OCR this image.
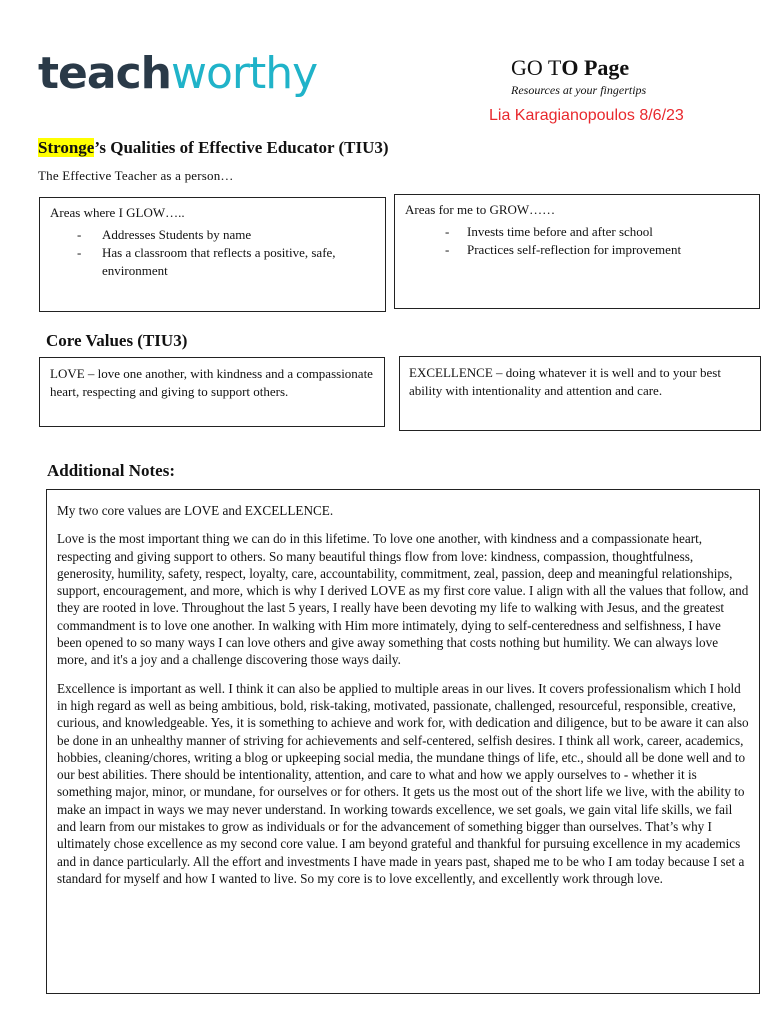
teachworthy	GO TO Page
Resources at your fingertips
Lia Karagianopoulos 8/6/23
Stronge’s Qualities of Effective Educator (TIU3)
The Effective Teacher as a person…

Areas where I GLOW…..

- Addresses Students by name
- Has a classroom that reflects a positive, safe, environment

Areas for me to GROW……

- Invests time before and after school
- Practices self-reflection for improvement
Core Values (TIU3)
LOVE – love one another, with kindness and a compassionate heart, respecting and giving to support others.
EXCELLENCE – doing whatever it is well and to your best ability with intentionality and attention and care.
Additional Notes:

My two core values are LOVE and EXCELLENCE.

Love is the most important thing we can do in this lifetime. To love one another, with kindness and a compassionate heart, respecting and giving support to others. So many beautiful things flow from love: kindness, compassion, thoughtfulness, generosity, humility, safety, respect, loyalty, care, accountability, commitment, zeal, passion, deep and meaningful relationships, support, encouragement, and more, which is why I derived LOVE as my first core value. I align with all the values that follow, and they are rooted in love. Throughout the last 5 years, I really have been devoting my life to walking with Jesus, and the greatest commandment is to love one another. In walking with Him more intimately, dying to self-centeredness and selfishness, I have been opened to so many ways I can love others and give away something that costs nothing but humility. We can always love more, and it's a joy and a challenge discovering those ways daily.

Excellence is important as well. I think it can also be applied to multiple areas in our lives. It covers professionalism which I hold in high regard as well as being ambitious, bold, risk-taking, motivated, passionate, challenged, resourceful, responsible, creative, curious, and knowledgeable. Yes, it is something to achieve and work for, with dedication and diligence, but to be aware it can also be done in an unhealthy manner of striving for achievements and self-centered, selfish desires. I think all work, career, academics, hobbies, cleaning/chores, writing a blog or upkeeping social media, the mundane things of life, etc., should all be done well and to our best abilities. There should be intentionality, attention, and care to what and how we apply ourselves to - whether it is something major, minor, or mundane, for ourselves or for others. It gets us the most out of the short life we live, with the ability to make an impact in ways we may never understand. In working towards excellence, we set goals, we gain vital life skills, we fail and learn from our mistakes to grow as individuals or for the advancement of something bigger than ourselves. That’s why I ultimately chose excellence as my second core value. I am beyond grateful and thankful for pursuing excellence in my academics and in dance particularly. All the effort and investments I have made in years past, shaped me to be who I am today because I set a standard for myself and how I wanted to live. So my core is to love excellently, and excellently work through love.
